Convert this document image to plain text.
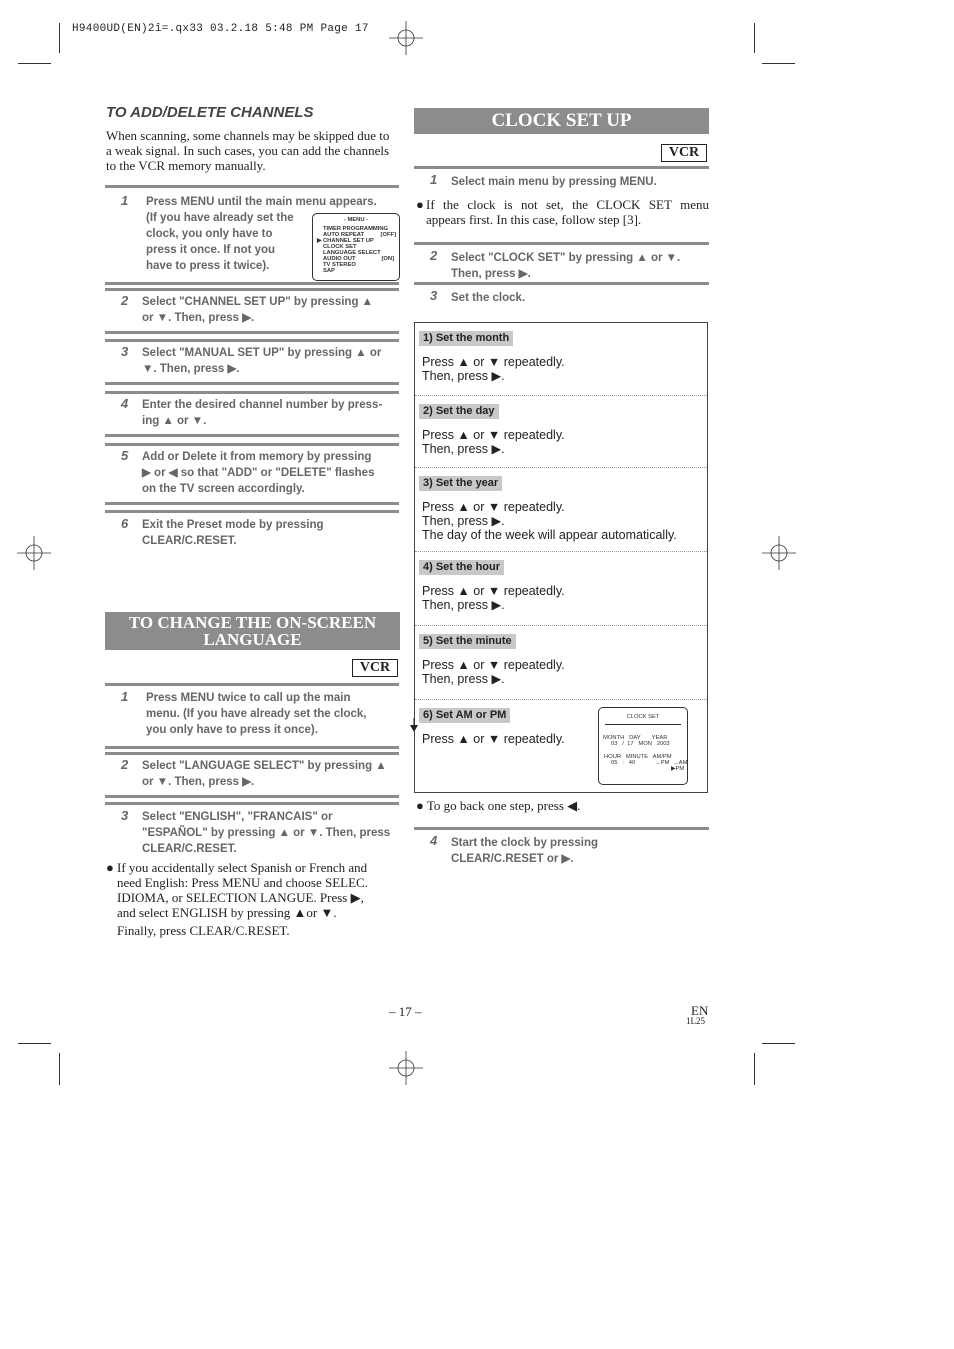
H9400UD(EN)2î=.qx33 03.2.18 5:48 PM Page 17
TO ADD/DELETE CHANNELS
When scanning, some channels may be skipped due to
a weak signal. In such cases, you can add the channels
to the VCR memory manually.
1 Press MENU until the main menu appears.
(If you have already set the
clock, you only have to
press it once. If not you
have to press it twice).
- MENU -
TIMER PROGRAMMING
AUTO REPEAT
CHANNEL SET UP
CLOCK SET
LANGUAGE SELECT
AUDIO OUT
TV STEREO
SAP
▶
[OFF]
[ON]
2 Select "CHANNEL SET UP" by pressing ▲
or ▼. Then, press ▶.
3 Select "MANUAL SET UP" by pressing ▲ or
▼. Then, press ▶.
4 Enter the desired channel number by press-
ing ▲ or ▼.
5 Add or Delete it from memory by pressing
▶ or ◀ so that "ADD" or "DELETE" flashes
on the TV screen accordingly.
6 Exit the Preset mode by pressing
CLEAR/C.RESET.
TO CHANGE THE ON-SCREEN
LANGUAGE
VCR
1 Press MENU twice to call up the main
menu. (If you have already set the clock,
you only have to press it once).
2 Select "LANGUAGE SELECT" by pressing ▲
or ▼. Then, press ▶.
3 Select "ENGLISH", "FRANCAIS" or
"ESPAÑOL" by pressing ▲ or ▼. Then, press
CLEAR/C.RESET.
● If you accidentally select Spanish or French and
need English: Press MENU and choose SELEC.
IDIOMA, or SELECTION LANGUE. Press ▶,
and select ENGLISH by pressing ▲or ▼.
Finally, press CLEAR/C.RESET.
CLOCK SET UP
VCR
1 Select main menu by pressing MENU.
● If the clock is not set, the CLOCK SET menu
appears first. In this case, follow step [3].
2 Select "CLOCK SET" by pressing ▲ or ▼.
Then, press ▶.
3 Set the clock.
1) Set the month
Press ▲ or ▼ repeatedly.
Then, press ▶.
2) Set the day
Press ▲ or ▼ repeatedly.
Then, press ▶.
3) Set the year
Press ▲ or ▼ repeatedly.
Then, press ▶.
The day of the week will appear automatically.
4) Set the hour
Press ▲ or ▼ repeatedly.
Then, press ▶.
5) Set the minute
Press ▲ or ▼ repeatedly.
Then, press ▶.
6) Set AM or PM
Press ▲ or ▼ repeatedly.
CLOCK SET
MONTH   DAY       YEAR
03   /  17   MON   2003
HOUR   MINUTE   AM/PM
05   :   40	→PM →AM
▶PM
● To go back one step, press ◀.
4 Start the clock by pressing
CLEAR/C.RESET or ▶.
– 17 –	EN
1L25
